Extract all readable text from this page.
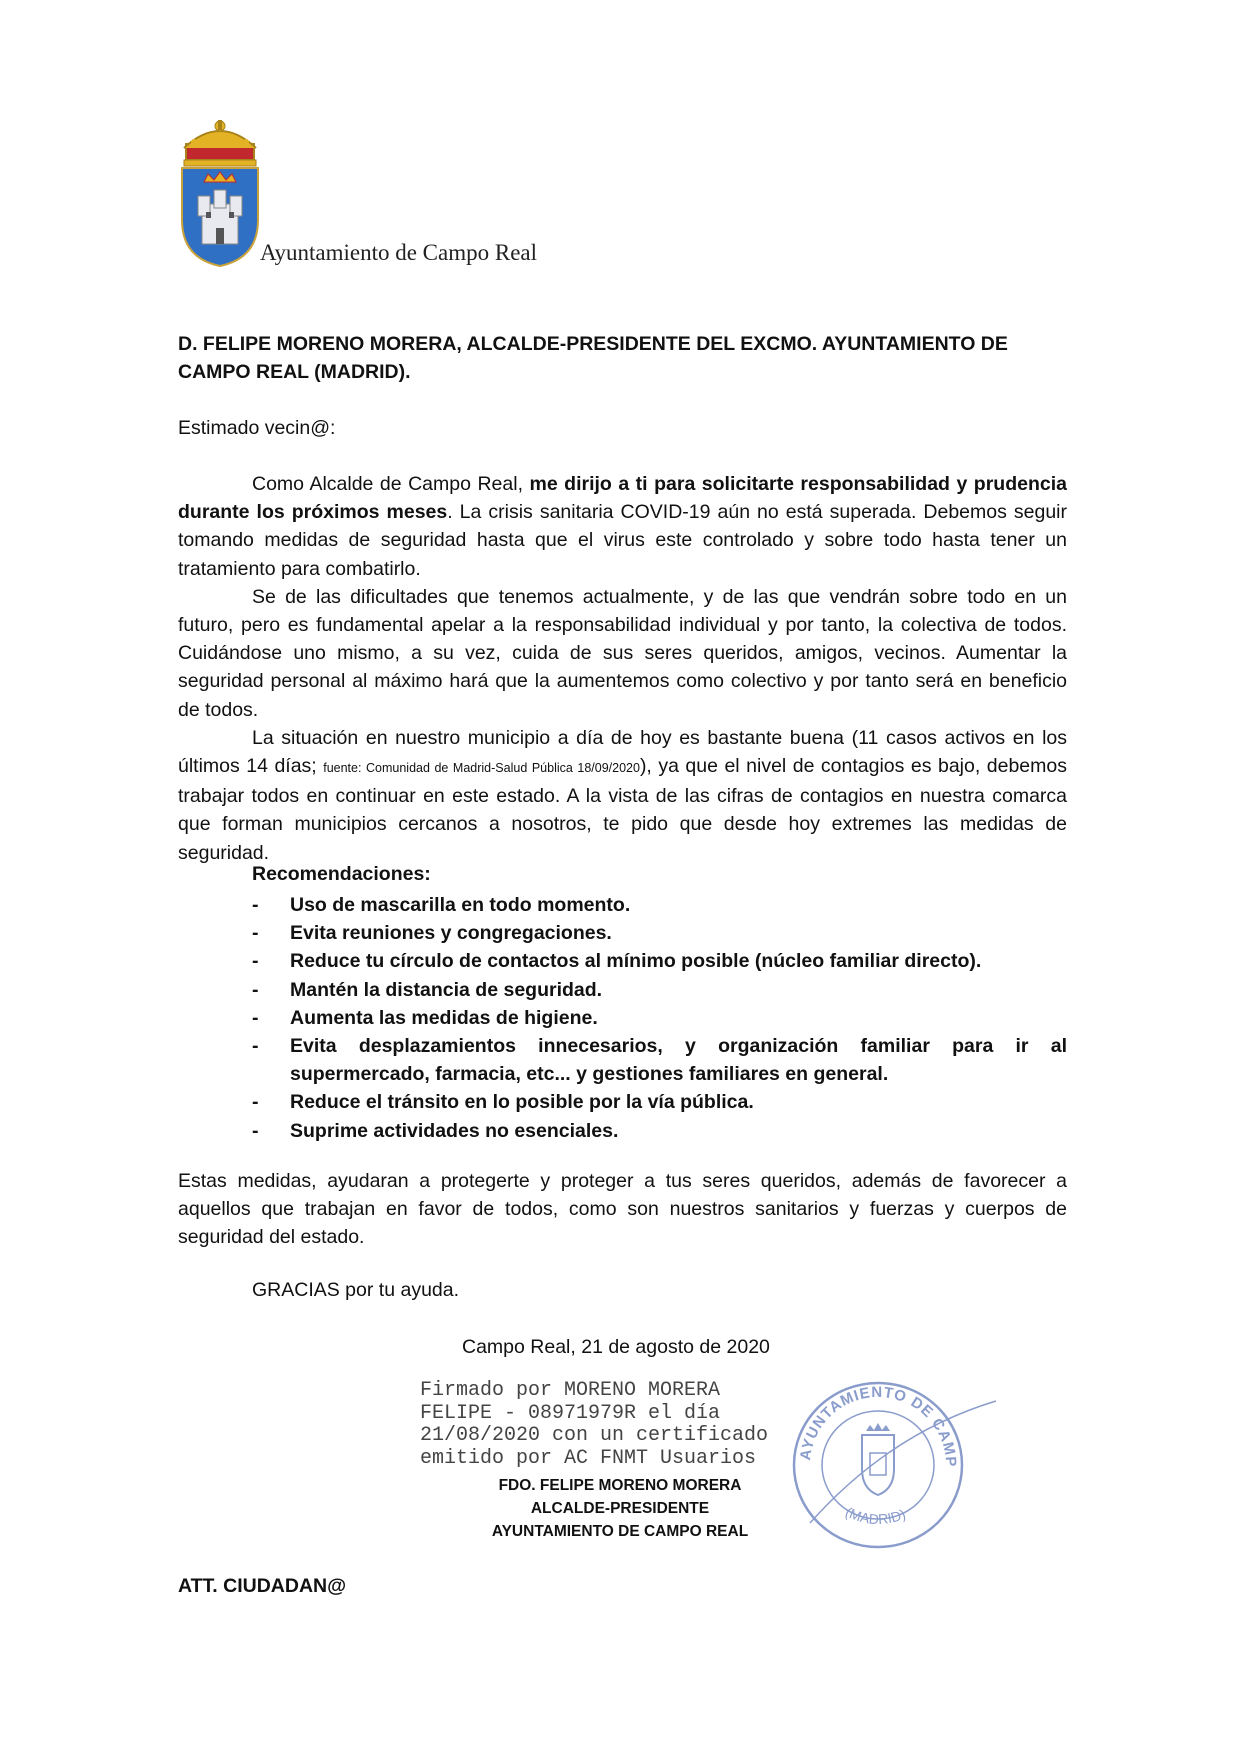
Ayuntamiento de Campo Real
D. FELIPE MORENO MORERA, ALCALDE-PRESIDENTE DEL EXCMO. AYUNTAMIENTO DE CAMPO REAL (MADRID).
Estimado vecin@:

Como Alcalde de Campo Real, me dirijo a ti para solicitarte responsabilidad y prudencia durante los próximos meses. La crisis sanitaria COVID-19 aún no está superada. Debemos seguir tomando medidas de seguridad hasta que el virus este controlado y sobre todo hasta tener un tratamiento para combatirlo.

Se de las dificultades que tenemos actualmente, y de las que vendrán sobre todo en un futuro, pero es fundamental apelar a la responsabilidad individual y por tanto, la colectiva de todos. Cuidándose uno mismo, a su vez, cuida de sus seres queridos, amigos, vecinos. Aumentar la seguridad personal al máximo hará que la aumentemos como colectivo y por tanto será en beneficio de todos.

La situación en nuestro municipio a día de hoy es bastante buena (11 casos activos en los últimos 14 días; fuente: Comunidad de Madrid-Salud Pública 18/09/2020), ya que el nivel de contagios es bajo, debemos trabajar todos en continuar en este estado. A la vista de las cifras de contagios en nuestra comarca que forman municipios cercanos a nosotros, te pido que desde hoy extremes las medidas de seguridad.

Recomendaciones:
- Uso de mascarilla en todo momento.
- Evita reuniones y congregaciones.
- Reduce tu círculo de contactos al mínimo posible (núcleo familiar directo).
- Mantén la distancia de seguridad.
- Aumenta las medidas de higiene.
- Evita desplazamientos innecesarios, y organización familiar para ir al supermercado, farmacia, etc... y gestiones familiares en general.
- Reduce el tránsito en lo posible por la vía pública.
- Suprime actividades no esenciales.
Estas medidas, ayudaran a protegerte y proteger a tus seres queridos, además de favorecer a aquellos que trabajan en favor de todos, como son nuestros sanitarios y fuerzas y cuerpos de seguridad del estado.
GRACIAS por tu ayuda.
Campo Real, 21 de agosto de 2020
AYUNTAMIENTO DE CAMP
(MADRID)
Firmado por MORENO MORERA
FELIPE - 08971979R el día
21/08/2020 con un certificado
emitido por AC FNMT Usuarios
FDO. FELIPE MORENO MORERA
ALCALDE-PRESIDENTE
AYUNTAMIENTO DE CAMPO REAL
ATT. CIUDADAN@
